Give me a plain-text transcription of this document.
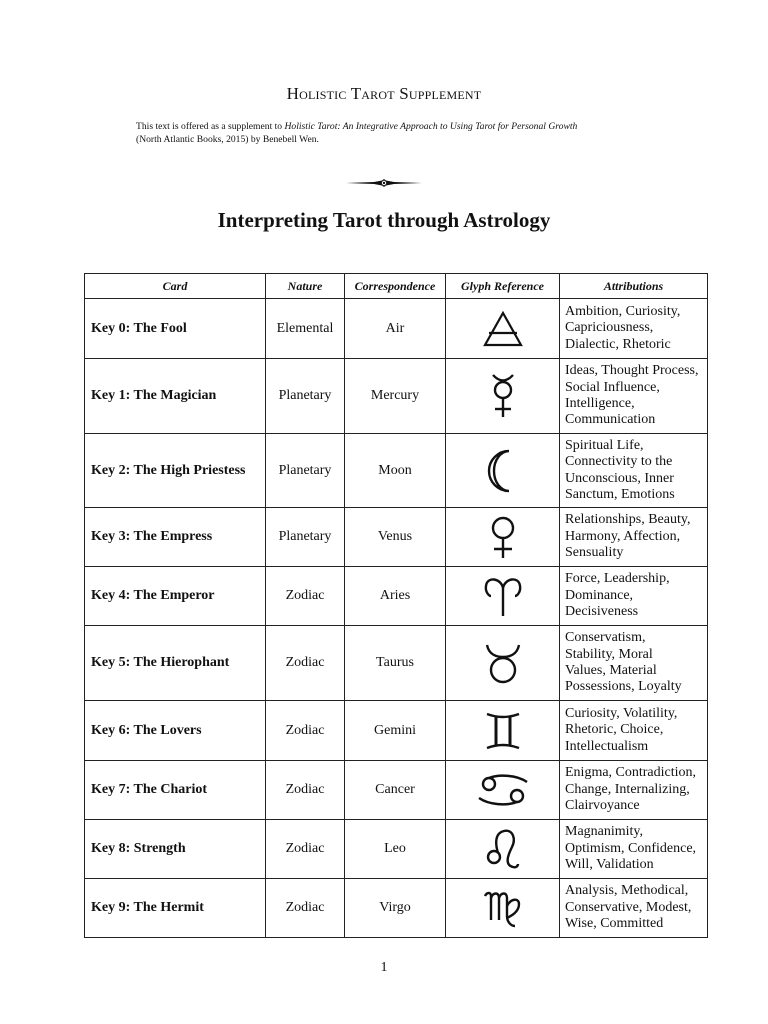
Holistic Tarot Supplement
This text is offered as a supplement to Holistic Tarot: An Integrative Approach to Using Tarot for Personal Growth
(North Atlantic Books, 2015) by Benebell Wen.
Interpreting Tarot through Astrology
Card	Nature	Correspondence	Glyph Reference	Attributions
Key 0: The Fool	Elemental	Air		Ambition, Curiosity,
Capriciousness,
Dialectic, Rhetoric
Key 1: The Magician	Planetary	Mercury		Ideas, Thought Process,
Social Influence,
Intelligence,
Communication
Key 2: The High Priestess	Planetary	Moon		Spiritual Life,
Connectivity to the
Unconscious, Inner
Sanctum, Emotions
Key 3: The Empress	Planetary	Venus		Relationships, Beauty,
Harmony, Affection,
Sensuality
Key 4: The Emperor	Zodiac	Aries		Force, Leadership,
Dominance,
Decisiveness
Key 5: The Hierophant	Zodiac	Taurus		Conservatism,
Stability, Moral
Values, Material
Possessions, Loyalty
Key 6: The Lovers	Zodiac	Gemini		Curiosity, Volatility,
Rhetoric, Choice,
Intellectualism
Key 7: The Chariot	Zodiac	Cancer		Enigma, Contradiction,
Change, Internalizing,
Clairvoyance
Key 8: Strength	Zodiac	Leo		Magnanimity,
Optimism, Confidence,
Will, Validation
Key 9: The Hermit	Zodiac	Virgo		Analysis, Methodical,
Conservative, Modest,
Wise, Committed
1
